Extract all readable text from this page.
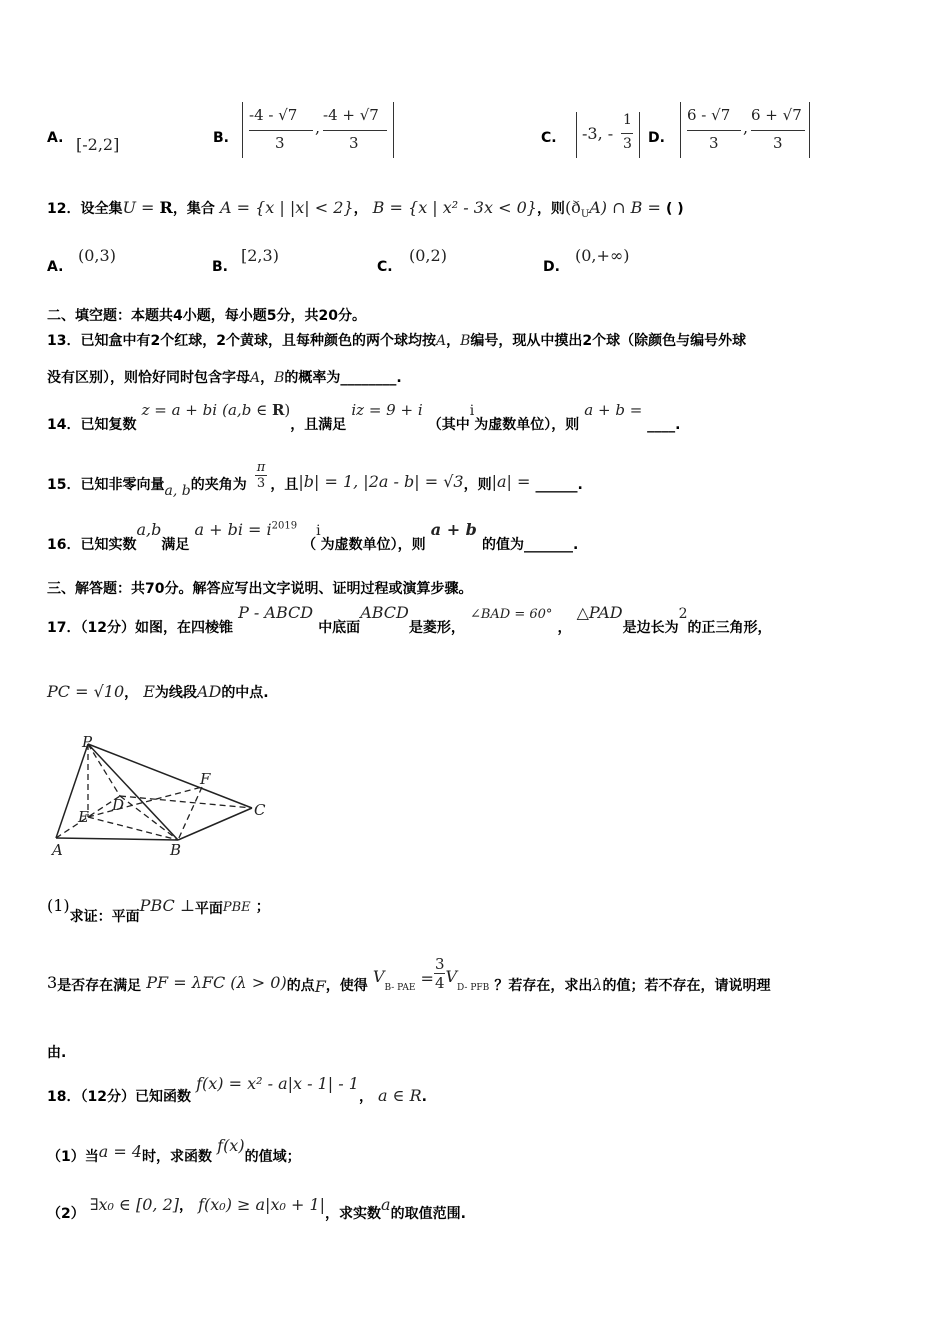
A. [-2,2]	B.
-4 - √7
3
,
-4 + √7
3	C. -3, -
1
3 D.
6 - √7
3
,
6 + √7
3
12．设全集U = R，集合 A = {x | |x| < 2}， B = {x | x² - 3x < 0}，则$(ð_UA)$ ∩ B = ( )
A.
(0,3)
B.
[2,3)
C.
(0,2)
D.
(0,+∞)
二、填空题：本题共4小题，每小题5分，共20分。
13．已知盒中有2个红球，2个黄球，且每种颜色的两个球均按A，B编号，现从中摸出2个球（除颜色与编号外球
没有区别），则恰好同时包含字母A，B的概率为________.
14．已知复数 z = a + bi (a,b ∈ R)，且满足 iz = 9 + i （其中i为虚数单位），则 a + b = ____.
15．已知非零向量a, b的夹角为 $\frac{\pi}{3}$ ，且|b| = 1, |2a - b| = √3，则|a| = ______.
16．已知实数a,b满足 a + bi = $i^{2019}$ （i为虚数单位），则 a + b 的值为_______.
三、解答题：共70分。解答应写出文字说明、证明过程或演算步骤。
17．（12分）如图，在四棱锥 P - ABCD 中底面ABCD是菱形， ∠BAD = 60° ， △PAD是边长为2的正三角形，
PC = √10， E为线段AD的中点.
P
F
D	C
E
A	B
(1)求证：平面PBC ⊥平面PBE ；
3是否存在满足 PF = λFC (λ > 0)的点F，使得 $V_{B- PAE} = \frac{3}{4} V_{D- PFB}$ ？若存在，求出λ的值；若不存在，请说明理
由.
18．（12分）已知函数 f(x) = x² - a|x - 1| - 1， a ∈ R.
（1）当a = 4时，求函数 f(x)的值域；
（2） ∃x₀ ∈ [0, 2]， f(x₀) ≥ a|x₀ + 1|，求实数a的取值范围.
